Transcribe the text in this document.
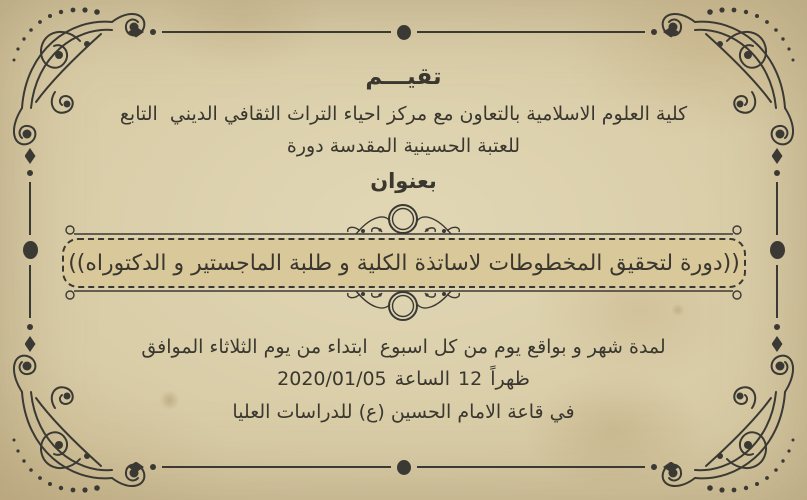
تقيـــم
كلية العلوم الاسلامية بالتعاون مع مركز احياء التراث الثقافي الديني  التابع
للعتبة الحسينية المقدسة دورة
بعنوان
((دورة لتحقيق المخطوطات لاساتذة الكلية و طلبة الماجستير و الدكتوراه))
لمدة شهر و بواقع يوم من كل اسبوع  ابتداء من يوم الثلاثاء الموافق
2020/01/05 الساعة 12 ظهراً
في قاعة الامام الحسين (ع) للدراسات العليا
